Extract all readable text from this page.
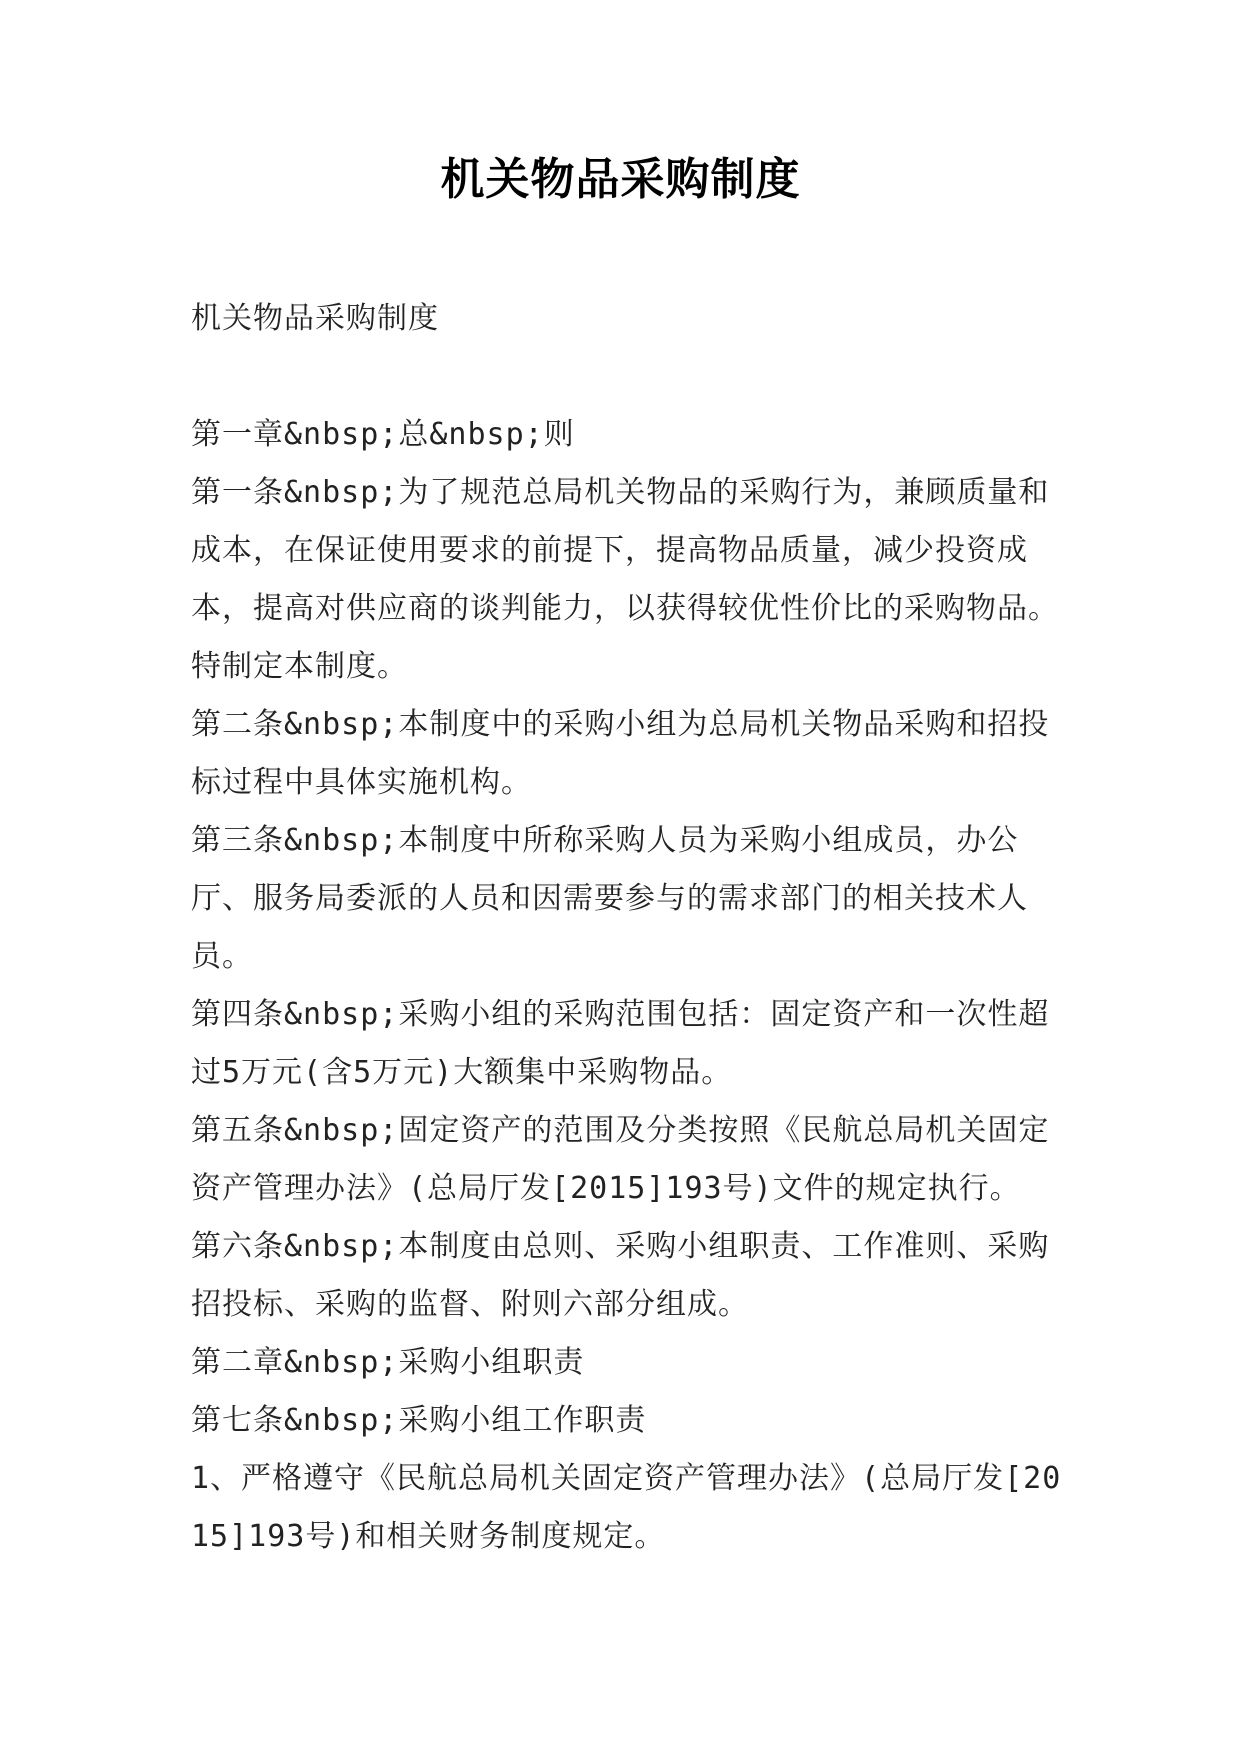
机关物品采购制度

机关物品采购制度

第一章&nbsp;总&nbsp;则

第一条&nbsp;为了规范总局机关物品的采购行为，兼顾质量和成本，在保证使用要求的前提下，提高物品质量，减少投资成本，提高对供应商的谈判能力，以获得较优性价比的采购物品。特制定本制度。

第二条&nbsp;本制度中的采购小组为总局机关物品采购和招投标过程中具体实施机构。

第三条&nbsp;本制度中所称采购人员为采购小组成员，办公厅、服务局委派的人员和因需要参与的需求部门的相关技术人员。

第四条&nbsp;采购小组的采购范围包括：固定资产和一次性超过5万元(含5万元)大额集中采购物品。

第五条&nbsp;固定资产的范围及分类按照《民航总局机关固定资产管理办法》(总局厅发[2015]193号)文件的规定执行。

第六条&nbsp;本制度由总则、采购小组职责、工作准则、采购招投标、采购的监督、附则六部分组成。

第二章&nbsp;采购小组职责

第七条&nbsp;采购小组工作职责

1、严格遵守《民航总局机关固定资产管理办法》(总局厅发[2015]193号)和相关财务制度规定。
